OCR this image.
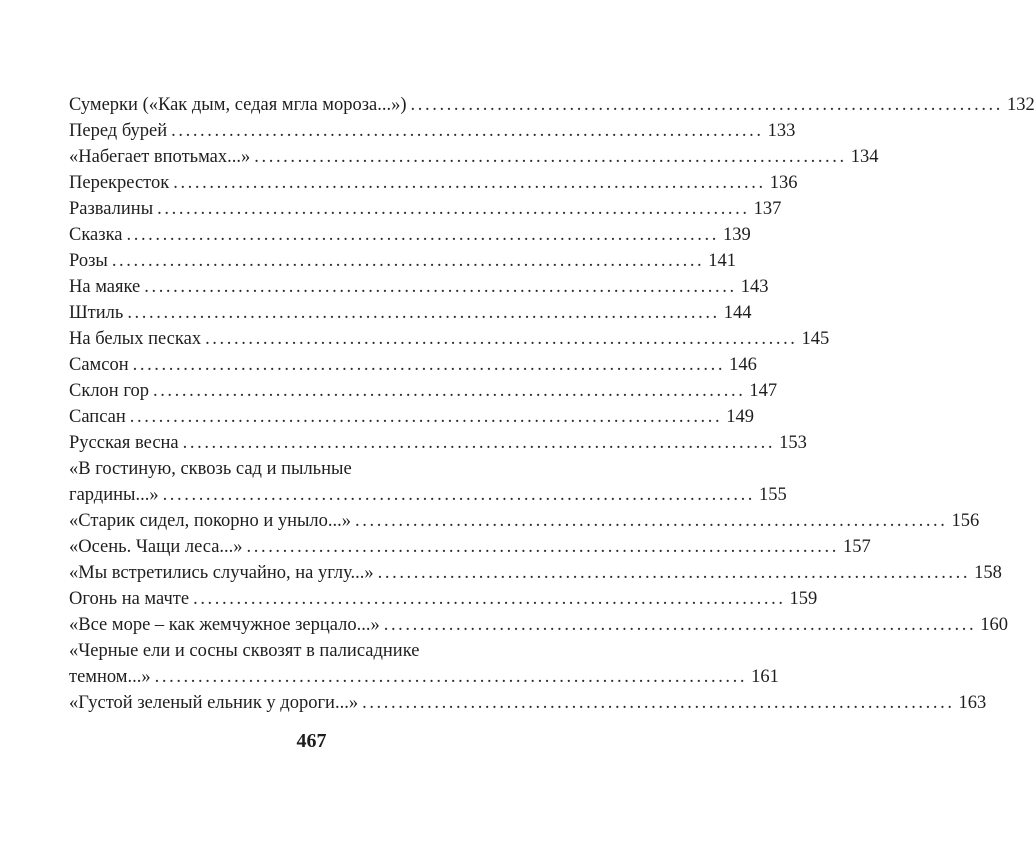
Сумерки («Как дым, седая мгла мороза...») .................................................................................. 132
Перед бурей .................................................................................. 133
«Набегает впотьмах...» .................................................................................. 134
Перекресток .................................................................................. 136
Развалины .................................................................................. 137
Сказка .................................................................................. 139
Розы .................................................................................. 141
На маяке .................................................................................. 143
Штиль .................................................................................. 144
На белых песках .................................................................................. 145
Самсон .................................................................................. 146
Склон гор .................................................................................. 147
Сапсан .................................................................................. 149
Русская весна .................................................................................. 153
«В гостиную, сквозь сад и пыльные
гардины...» .................................................................................. 155
«Старик сидел, покорно и уныло...» .................................................................................. 156
«Осень. Чащи леса...» .................................................................................. 157
«Мы встретились случайно, на углу...» .................................................................................. 158
Огонь на мачте .................................................................................. 159
«Все море – как жемчужное зерцало...» .................................................................................. 160
«Черные ели и сосны сквозят в палисаднике
темном...» .................................................................................. 161
«Густой зеленый ельник у дороги...» .................................................................................. 163
467
